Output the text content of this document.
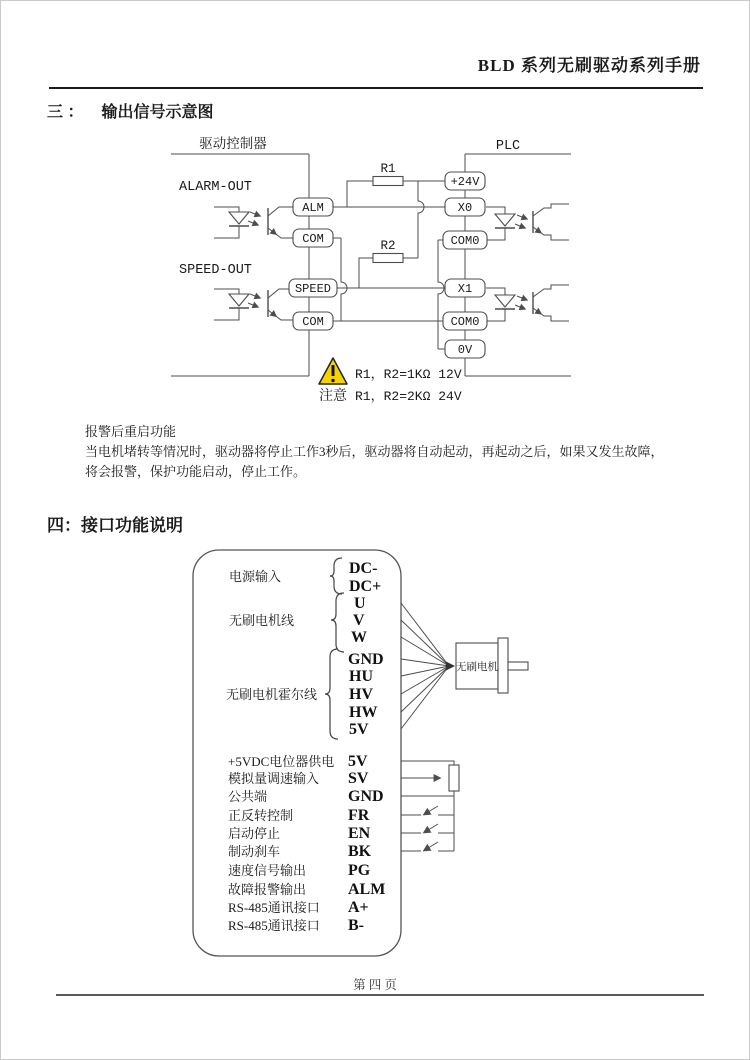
BLD 系列无刷驱动系列手册
三 ： 输出信号示意图
驱动控制器	PLC
ALARM-OUT
SPEED-OUT
R1
R2
ALM
COM
SPEED
COM
+24V
X0
COM0
X1
COM0
0V
注意
R1，R2=1KΩ 12V
R1，R2=2KΩ 24V
报警后重启功能
当电机堵转等情况时，驱动器将停止工作3秒后，驱动器将自动起动，再起动之后，如果又发生故障，
将会报警，保护功能启动，停止工作。
四：接口功能说明
电源输入	DC-
DC+
无刷电机线
U
V
W
无刷电机霍尔线
GND
HU
HV
HW
5V
+5VDC电位器供电
模拟量调速输入
公共端
正反转控制
启动停止
制动刹车
速度信号输出
故障报警输出
RS-485通讯接口
RS-485通讯接口
5V
SV
GND
FR
EN
BK
PG
ALM
A+
B-
无刷电机
第 四 页
